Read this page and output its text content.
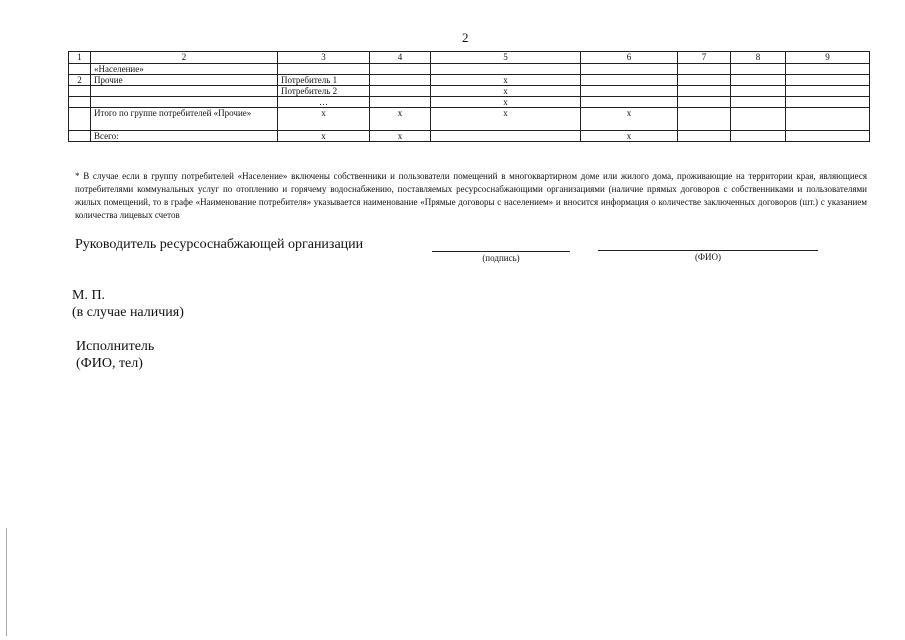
2
1	2	3	4	5	6	7	8	9
	«Население»							
2	Прочие	Потребитель 1		х				
		Потребитель 2		х				
		…		х				
	Итого по группе потребителей «Прочие»	х	х	х	х			
	Всего:	х	х		х			
* В случае если в группу потребителей «Население» включены собственники и пользователи помещений в многоквартирном доме или жилого дома, проживающие на территории края, являющиеся потребителями коммунальных услуг по отоплению и горячему водоснабжению, поставляемых ресурсоснабжающими организациями (наличие прямых договоров с собственниками и пользователями жилых помещений, то в графе «Наименование потребителя» указывается наименование «Прямые договоры с населением» и вносится информация о количестве заключенных договоров (шт.) с указанием количества лицевых счетов
Руководитель ресурсоснабжающей организации
(подпись)	(ФИО)
М. П.
(в случае наличия)
Исполнитель
(ФИО, тел)
